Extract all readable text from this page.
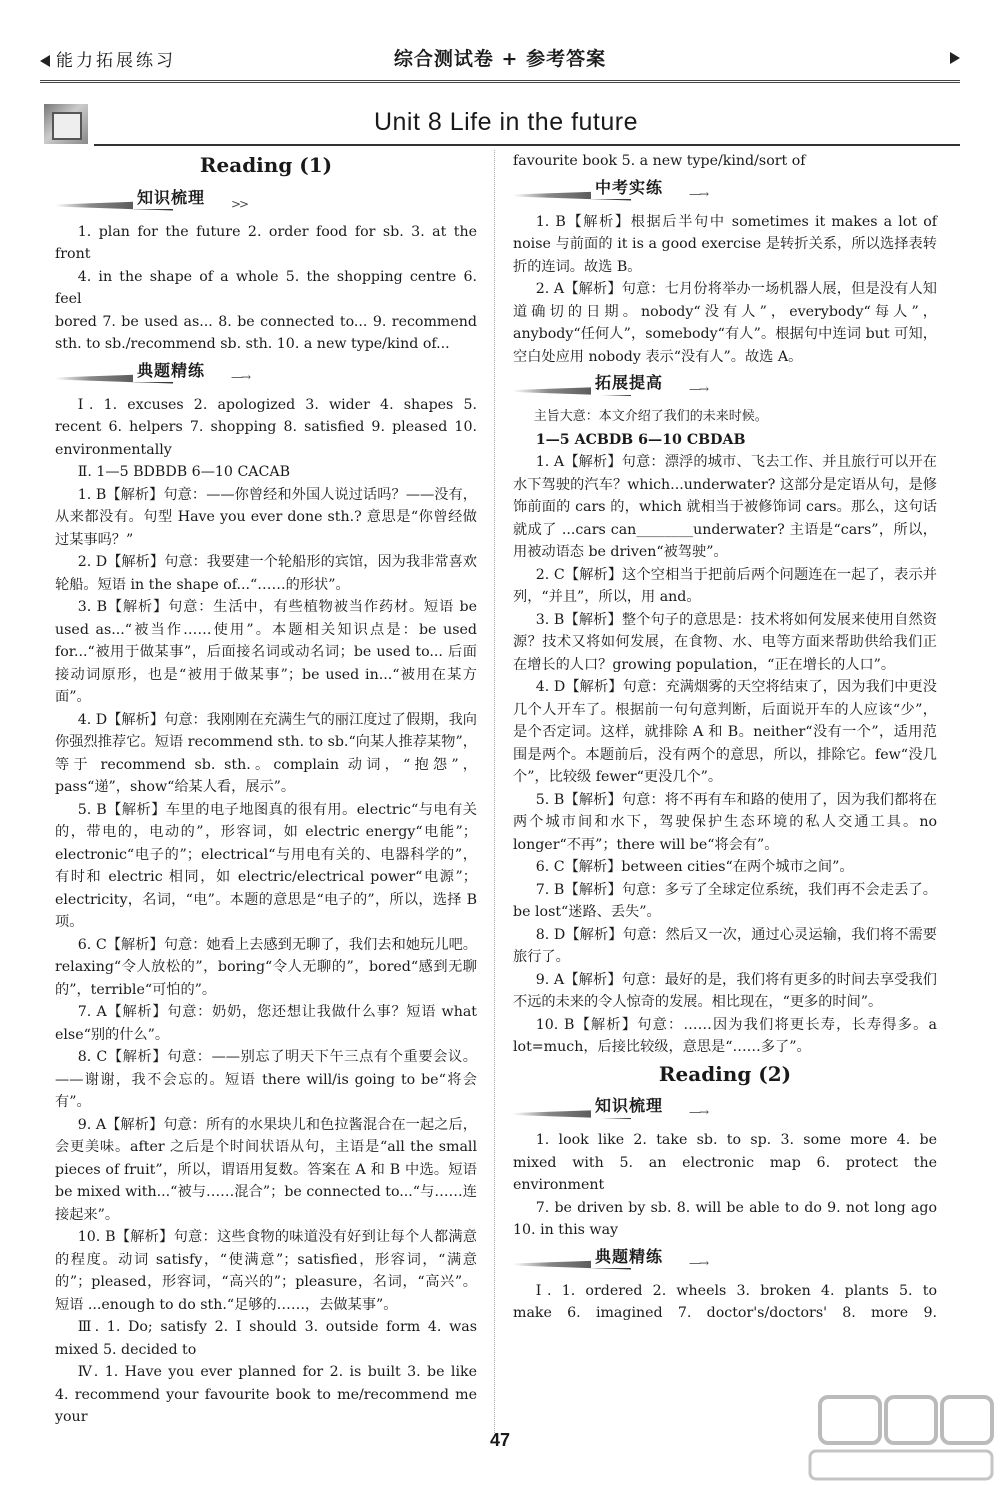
能力拓展练习	综合测试卷 + 参考答案
Unit 8 Life in the future
Reading (1)
知识梳理	>>

1. plan for the future 2. order food for sb. 3. at the front

4. in the shape of a whole 5. the shopping centre 6. feel

bored 7. be used as... 8. be connected to... 9. recommend

sth. to sb./recommend sb. sth. 10. a new type/kind of...

典题精练	—→

Ⅰ. 1. excuses 2. apologized 3. wider 4. shapes 5.

recent 6. helpers 7. shopping 8. satisfied 9. pleased 10.

environmentally

Ⅱ. 1—5 BDBDB 6—10 CACAB

1. B【解析】句意：——你曾经和外国人说过话吗？——没有，从来都没有。句型 Have you ever done sth.? 意思是“你曾经做过某事吗？”

2. D【解析】句意：我要建一个轮船形的宾馆，因为我非常喜欢轮船。短语 in the shape of...“……的形状”。

3. B【解析】句意：生活中，有些植物被当作药材。短语 be used as...“被当作……使用”。本题相关知识点是：be used for...“被用于做某事”，后面接名词或动名词；be used to... 后面接动词原形，也是“被用于做某事”；be used in...“被用在某方面”。

4. D【解析】句意：我刚刚在充满生气的丽江度过了假期，我向你强烈推荐它。短语 recommend sth. to sb.“向某人推荐某物”，等于 recommend sb. sth.。complain 动词，“抱怨”，pass“递”，show“给某人看，展示”。

5. B【解析】车里的电子地图真的很有用。electric“与电有关的，带电的，电动的”，形容词，如 electric energy“电能”；electronic“电子的”；electrical“与用电有关的、电器科学的”，有时和 electric 相同，如 electric/electrical power“电源”；electricity，名词，“电”。本题的意思是“电子的”，所以，选择 B 项。

6. C【解析】句意：她看上去感到无聊了，我们去和她玩儿吧。relaxing“令人放松的”，boring“令人无聊的”，bored“感到无聊的”，terrible“可怕的”。

7. A【解析】句意：奶奶，您还想让我做什么事？短语 what else“别的什么”。

8. C【解析】句意：——别忘了明天下午三点有个重要会议。——谢谢，我不会忘的。短语 there will/is going to be“将会有”。

9. A【解析】句意：所有的水果块儿和色拉酱混合在一起之后，会更美味。after 之后是个时间状语从句，主语是“all the small pieces of fruit”，所以，谓语用复数。答案在 A 和 B 中选。短语 be mixed with...“被与……混合”；be connected to...“与……连接起来”。

10. B【解析】句意：这些食物的味道没有好到让每个人都满意的程度。动词 satisfy，“使满意”；satisfied，形容词，“满意的”；pleased，形容词，“高兴的”；pleasure，名词，“高兴”。短语 ...enough to do sth.“足够的……，去做某事”。

Ⅲ. 1. Do; satisfy 2. I should 3. outside form 4. was

mixed 5. decided to

Ⅳ. 1. Have you ever planned for 2. is built 3. be like

4. recommend your favourite book to me/recommend me your

favourite book 5. a new type/kind/sort of

中考实练	—→

1. B【解析】根据后半句中 sometimes it makes a lot of noise 与前面的 it is a good exercise 是转折关系，所以选择表转折的连词。故选 B。

2. A【解析】句意：七月份将举办一场机器人展，但是没有人知道确切的日期。nobody“没有人”，everybody“每人”，anybody“任何人”，somebody“有人”。根据句中连词 but 可知，空白处应用 nobody 表示“没有人”。故选 A。

拓展提高	—→

主旨大意：本文介绍了我们的未来时候。

1—5 ACBDB 6—10 CBDAB

1. A【解析】句意：漂浮的城市、飞去工作、并且旅行可以开在水下驾驶的汽车？which...underwater? 这部分是定语从句，是修饰前面的 cars 的，which 就相当于被修饰词 cars。那么，这句话就成了 ...cars can________underwater? 主语是“cars”，所以，用被动语态 be driven“被驾驶”。

2. C【解析】这个空相当于把前后两个问题连在一起了，表示并列，“并且”，所以，用 and。

3. B【解析】整个句子的意思是：技术将如何发展来使用自然资源？技术又将如何发展，在食物、水、电等方面来帮助供给我们正在增长的人口？growing population，“正在增长的人口”。

4. D【解析】句意：充满烟雾的天空将结束了，因为我们中更没几个人开车了。根据前一句句意判断，后面说开车的人应该“少”，是个否定词。这样，就排除 A 和 B。neither“没有一个”，适用范围是两个。本题前后，没有两个的意思，所以，排除它。few“没几个”，比较级 fewer“更没几个”。

5. B【解析】句意：将不再有车和路的使用了，因为我们都将在两个城市间和水下，驾驶保护生态环境的私人交通工具。no longer“不再”；there will be“将会有”。

6. C【解析】between cities“在两个城市之间”。

7. B【解析】句意：多亏了全球定位系统，我们再不会走丢了。be lost“迷路、丢失”。

8. D【解析】句意：然后又一次，通过心灵运输，我们将不需要旅行了。

9. A【解析】句意：最好的是，我们将有更多的时间去享受我们不远的未来的令人惊奇的发展。相比现在，“更多的时间”。

10. B【解析】句意：……因为我们将更长寿，长寿得多。a lot=much，后接比较级，意思是“……多了”。

Reading (2)
知识梳理	—→

1. look like 2. take sb. to sp. 3. some more 4. be

mixed with 5. an electronic map 6. protect the environment

7. be driven by sb. 8. will be able to do 9. not long ago

10. in this way

典题精练	—→

Ⅰ. 1. ordered 2. wheels 3. broken 4. plants 5. to

make 6. imagined 7. doctor's/doctors' 8. more 9.

47
